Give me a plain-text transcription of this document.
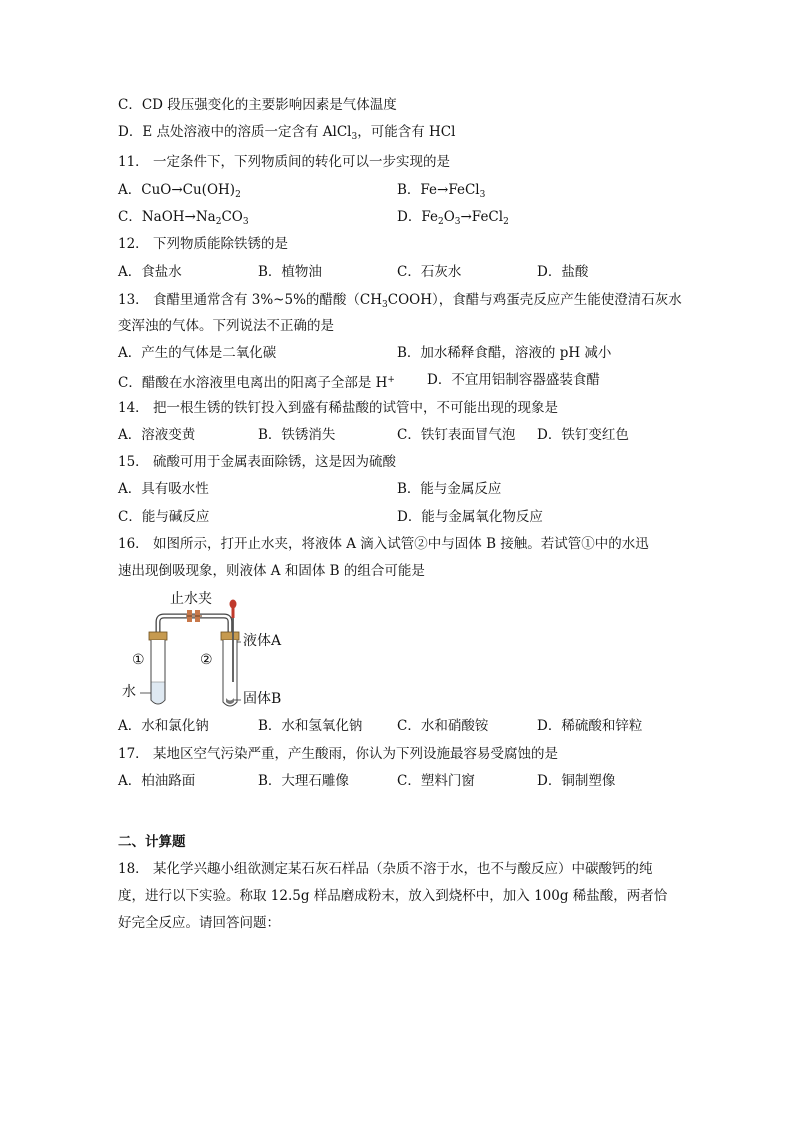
C．CD 段压强变化的主要影响因素是气体温度
D．E 点处溶液中的溶质一定含有 AlCl$_3$，可能含有 HCl
11． 一定条件下，下列物质间的转化可以一步实现的是
A．$CuO\to Cu(OH)_2$	B．Fe→FeCl$_3$
C．$NaOH\to Na_2CO_3$	D．$Fe_2O_3\to FeCl_2$
12． 下列物质能除铁锈的是
A．食盐水	B．植物油	C．石灰水	D．盐酸
13． 食醋里通常含有 3%~5%的醋酸$(CH_3COOH)$，食醋与鸡蛋壳反应产生能使澄清石灰水
变浑浊的气体。下列说法不正确的是
A．产生的气体是二氧化碳	B．加水稀释食醋，溶液的 pH 减小
C．醋酸在水溶液里电离出的阳离子全部是 H+ D．不宜用铝制容器盛装食醋
14． 把一根生锈的铁钉投入到盛有稀盐酸的试管中，不可能出现的现象是
A．溶液变黄	B．铁锈消失	C．铁钉表面冒气泡 D．铁钉变红色
15． 硫酸可用于金属表面除锈，这是因为硫酸
A．具有吸水性	B．能与金属反应
C．能与碱反应	D．能与金属氧化物反应
16． 如图所示，打开止水夹，将液体 A 滴入试管②中与固体 B 接触。若试管①中的水迅
速出现倒吸现象，则液体 A 和固体 B 的组合可能是
止水夹
液体A
固体B
水
①	②
A．水和氯化钠	B．水和氢氧化钠	C．水和硝酸铵	D．稀硫酸和锌粒
17． 某地区空气污染严重，产生酸雨，你认为下列设施最容易受腐蚀的是
A．柏油路面	B．大理石雕像	C．塑料门窗	D．铜制塑像
二、计算题
18． 某化学兴趣小组欲测定某石灰石样品（杂质不溶于水，也不与酸反应）中碳酸钙的纯
度，进行以下实验。称取 12.5g 样品磨成粉末，放入到烧杯中，加入 100g 稀盐酸，两者恰
好完全反应。请回答问题：
